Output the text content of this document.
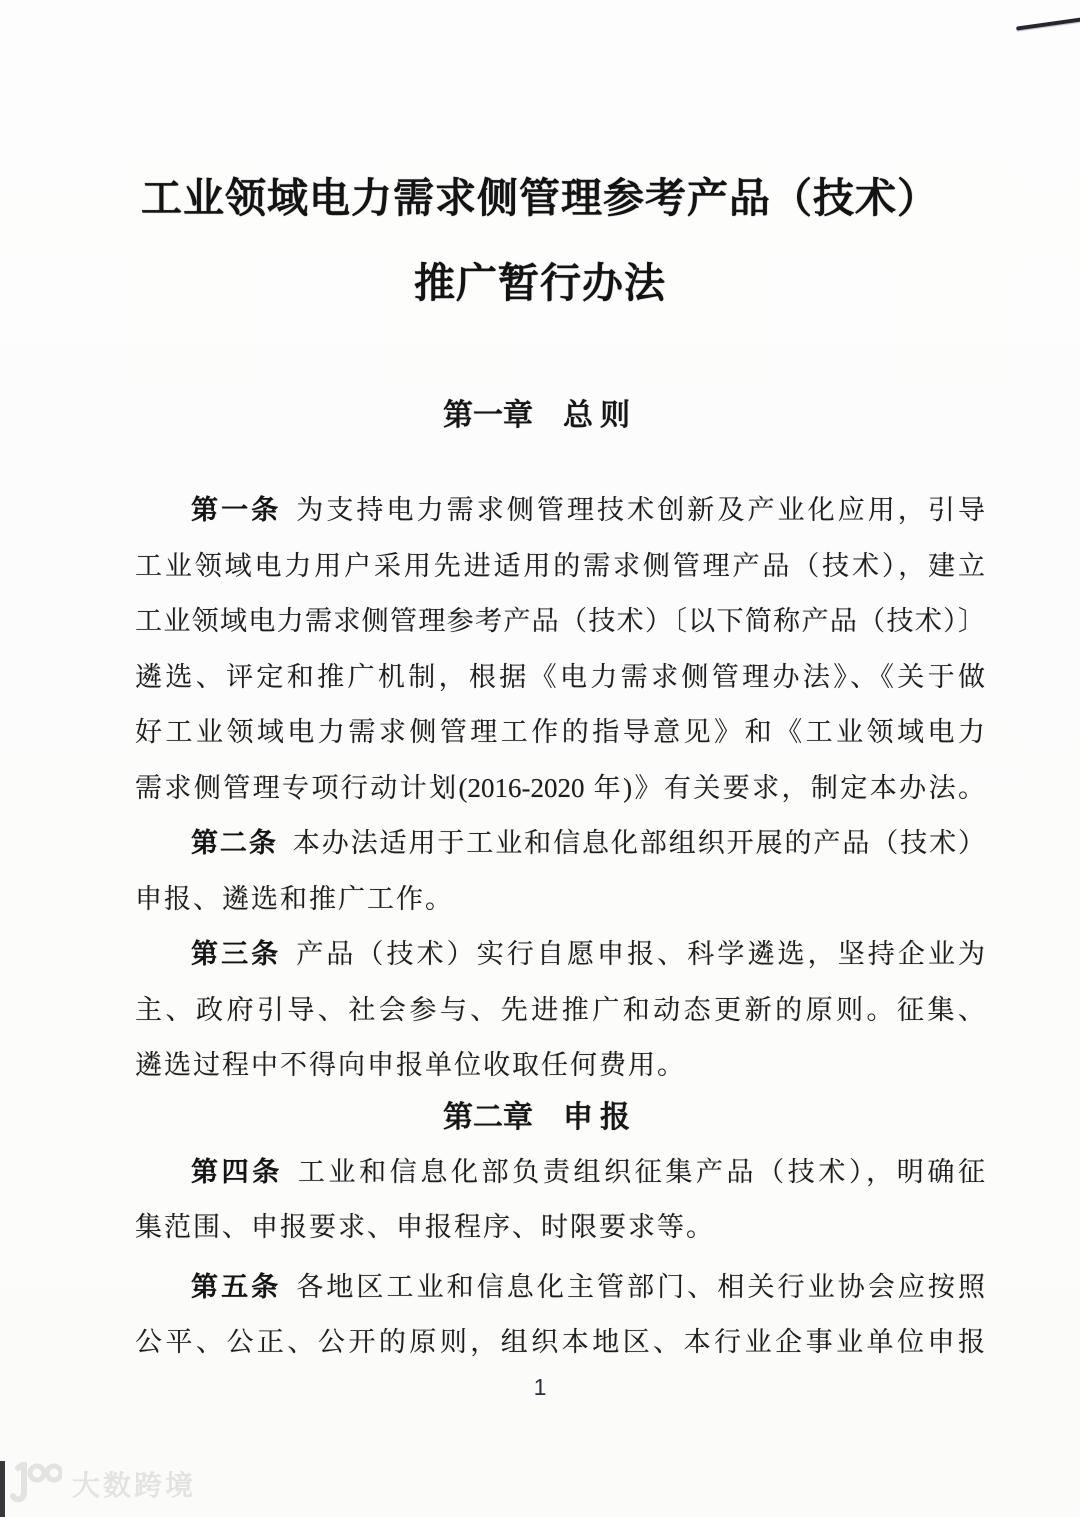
工业领域电力需求侧管理参考产品（技术）
推广暂行办法
第一章 总则
第一条 为支持电力需求侧管理技术创新及产业化应用，引导
工业领域电力用户采用先进适用的需求侧管理产品（技术），建立
工业领域电力需求侧管理参考产品（技术）〔以下简称产品（技术）〕
遴选、评定和推广机制，根据《电力需求侧管理办法》、《关于做
好工业领域电力需求侧管理工作的指导意见》和《工业领域电力
需求侧管理专项行动计划(2016-2020 年)》有关要求，制定本办法。
第二条 本办法适用于工业和信息化部组织开展的产品（技术）
申报、遴选和推广工作。
第三条 产品（技术）实行自愿申报、科学遴选，坚持企业为
主、政府引导、社会参与、先进推广和动态更新的原则。征集、
遴选过程中不得向申报单位收取任何费用。
第二章 申报
第四条 工业和信息化部负责组织征集产品（技术），明确征
集范围、申报要求、申报程序、时限要求等。
第五条 各地区工业和信息化主管部门、相关行业协会应按照
公平、公正、公开的原则，组织本地区、本行业企事业单位申报
1
大数跨境
